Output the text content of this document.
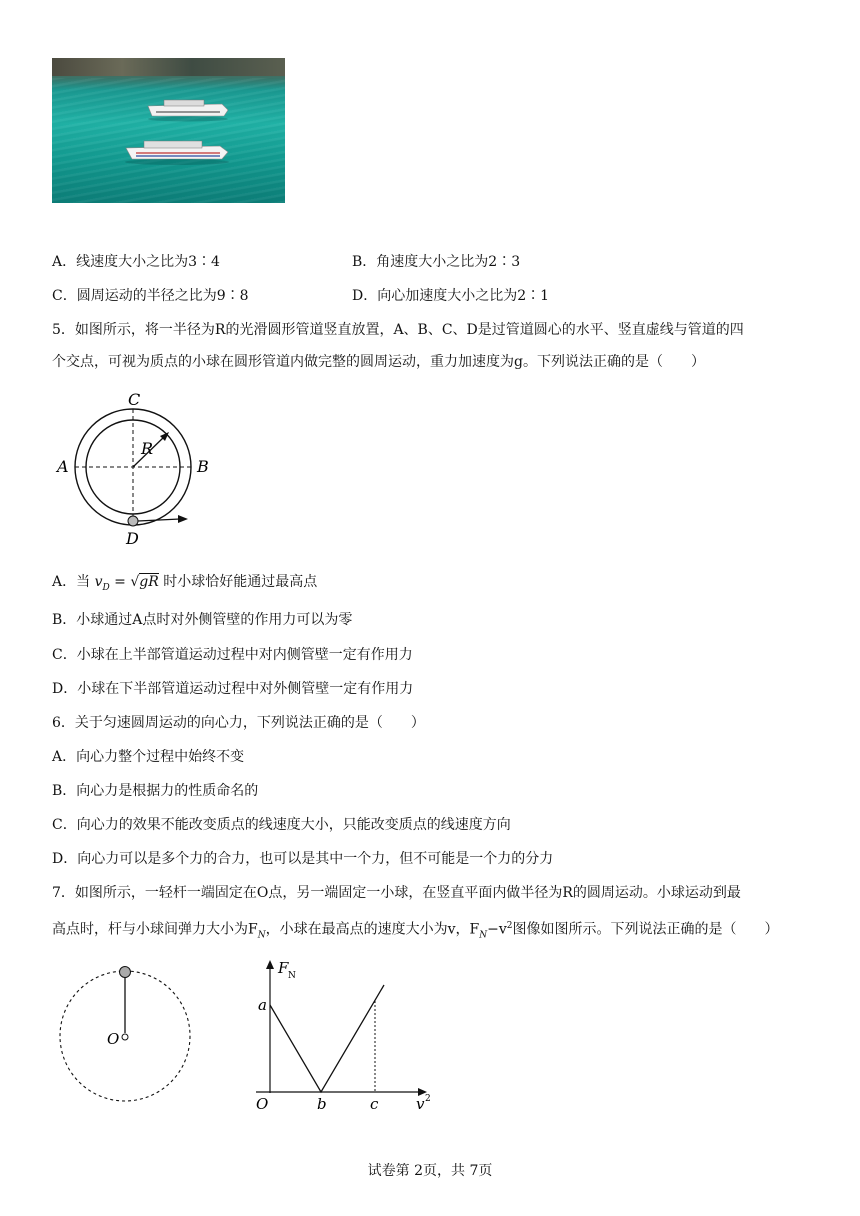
A．线速度大小之比为3∶4	B．角速度大小之比为2∶3
C．圆周运动的半径之比为9∶8	D．向心加速度大小之比为2∶1
5．如图所示，将一半径为R的光滑圆形管道竖直放置，A、B、C、D是过管道圆心的水平、竖直虚线与管道的四
个交点，可视为质点的小球在圆形管道内做完整的圆周运动，重力加速度为g。下列说法正确的是（　　）
C
A	B
R
D
A．当 $v_D = √gR$ 时小球恰好能通过最高点
B．小球通过A点时对外侧管壁的作用力可以为零
C．小球在上半部管道运动过程中对内侧管壁一定有作用力
D．小球在下半部管道运动过程中对外侧管壁一定有作用力
6．关于匀速圆周运动的向心力，下列说法正确的是（　　）
A．向心力整个过程中始终不变
B．向心力是根据力的性质命名的
C．向心力的效果不能改变质点的线速度大小，只能改变质点的线速度方向
D．向心力可以是多个力的合力，也可以是其中一个力，但不可能是一个力的分力
7．如图所示，一轻杆一端固定在O点，另一端固定一小球，在竖直平面内做半径为R的圆周运动。小球运动到最
高点时，杆与小球间弹力大小为$F_N$，小球在最高点的速度大小为v，$F_N-v^2$图像如图所示。下列说法正确的是（　　）
O
F N
a
O	b	c	v 2
试卷第 2页，共 7页
